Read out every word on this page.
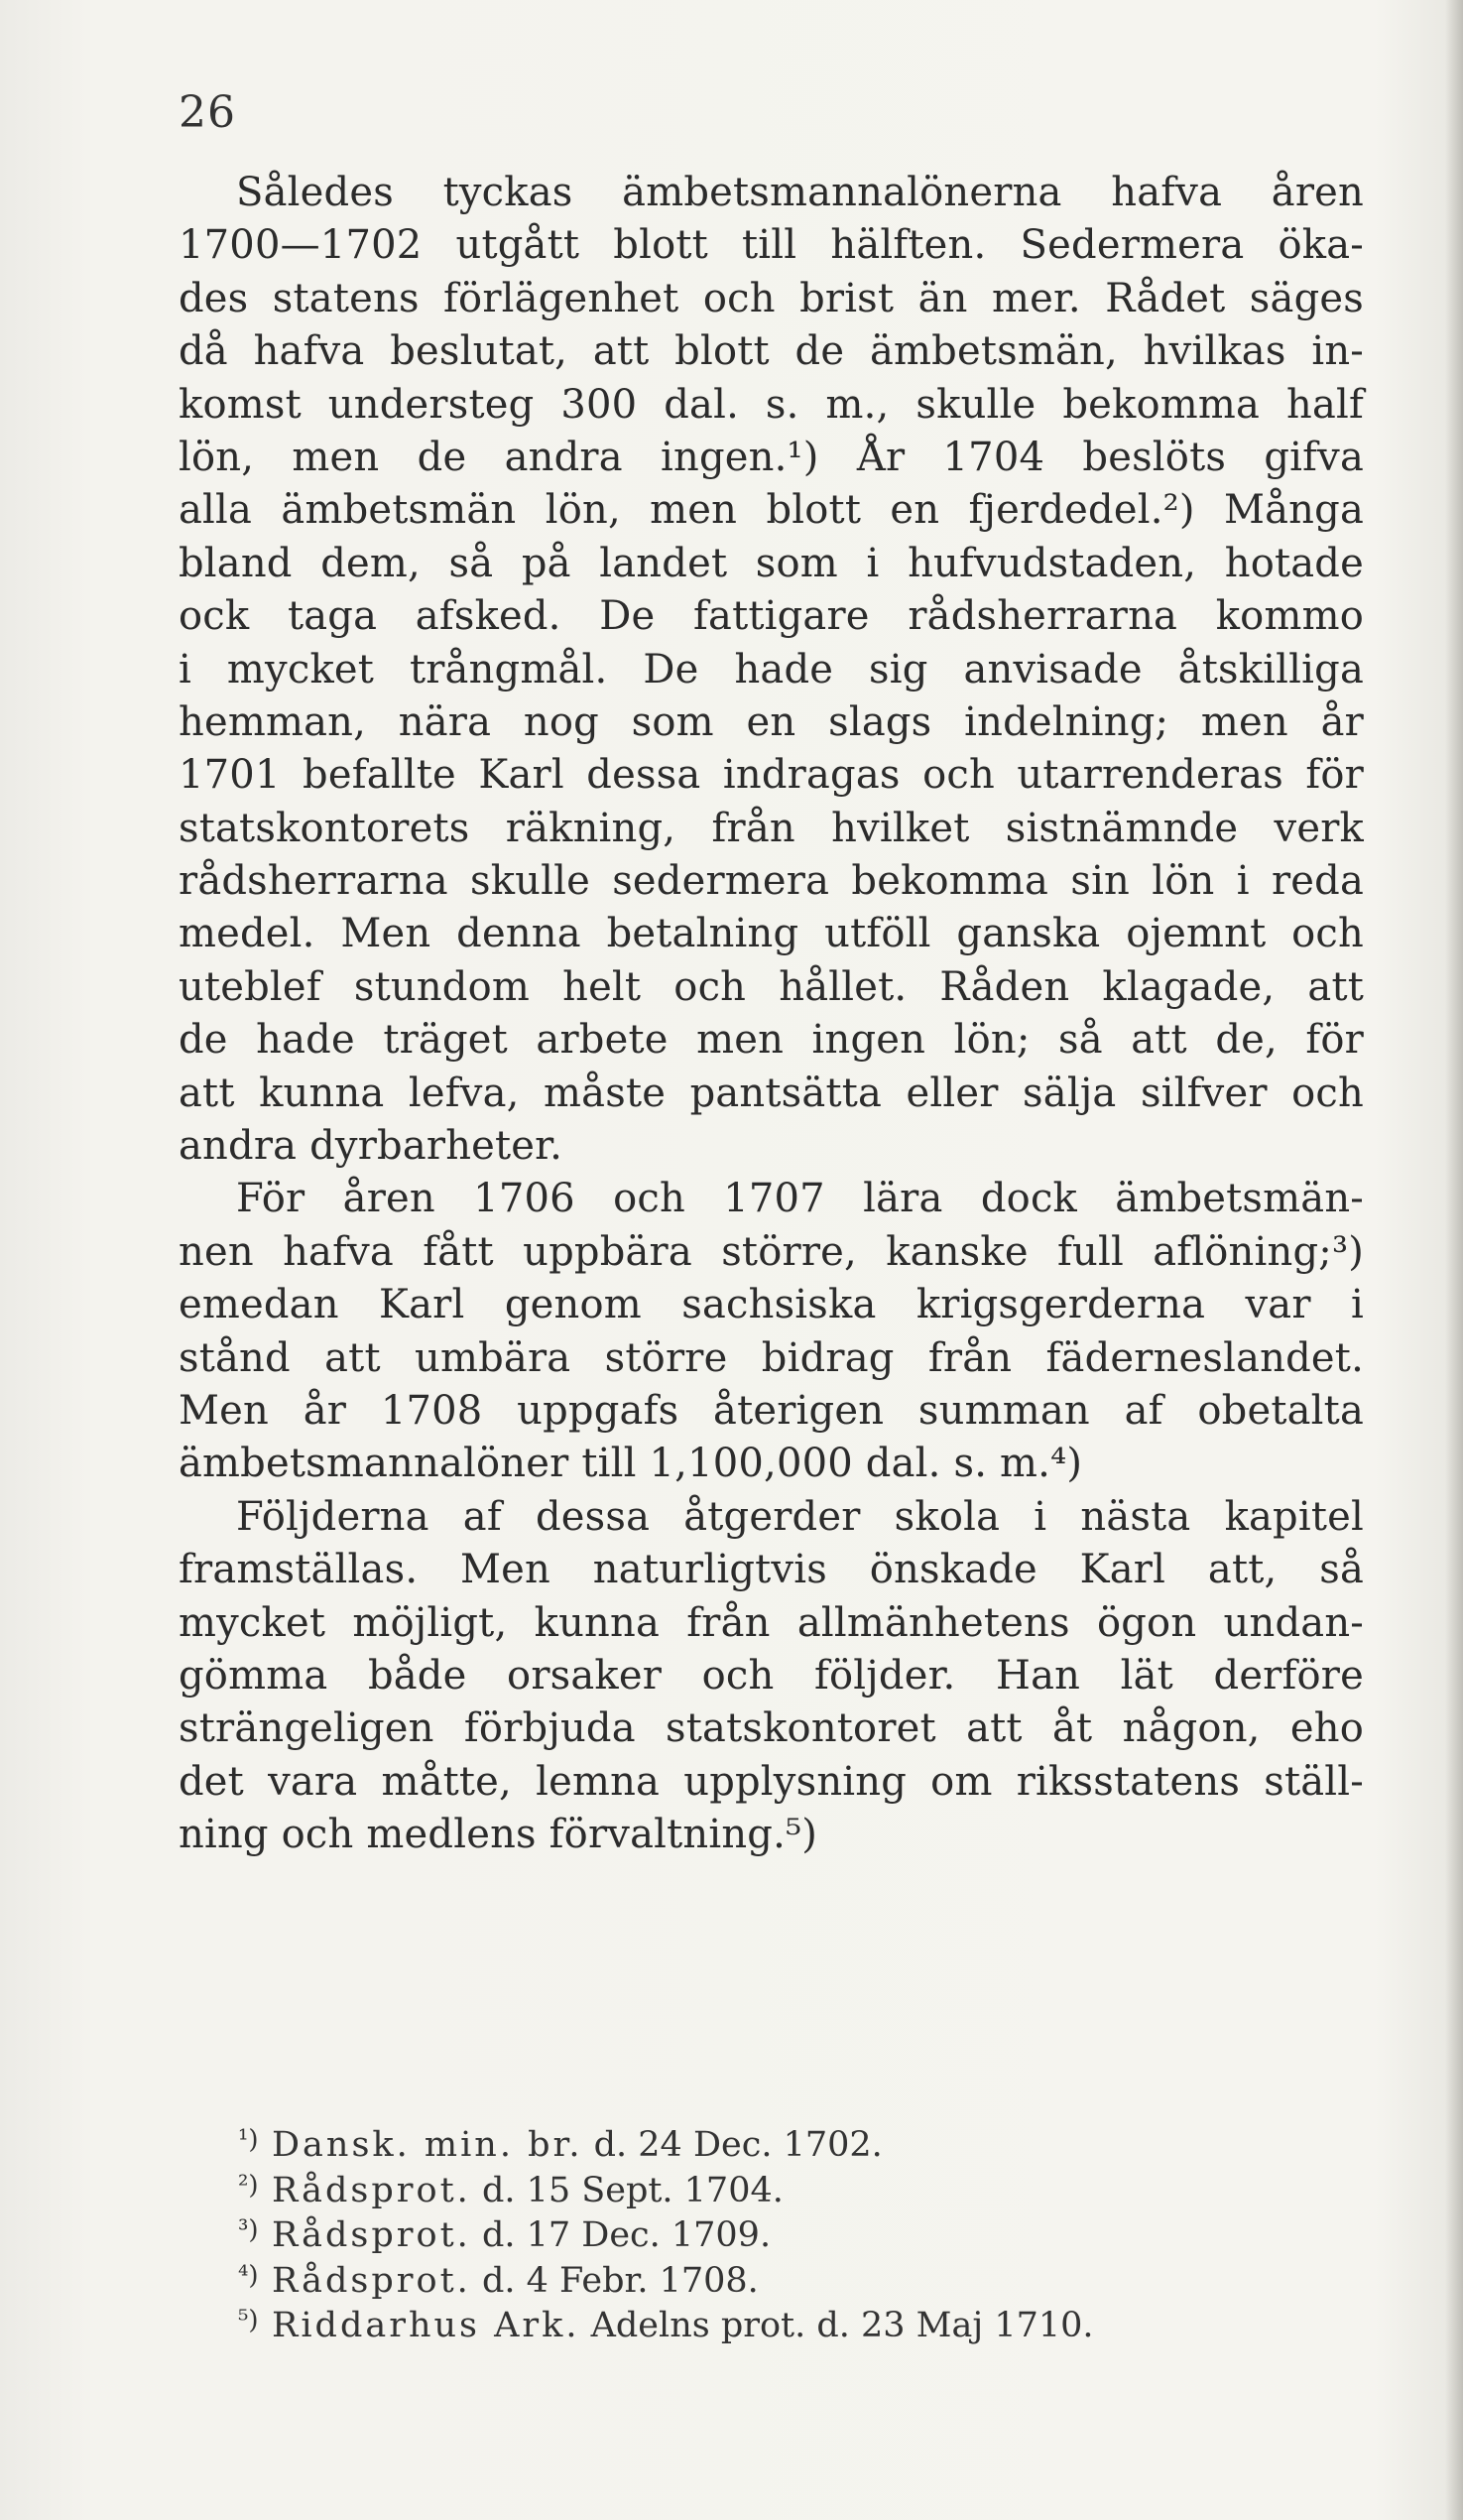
26
Således tyckas ämbetsmannalönerna hafva åren
1700—1702 utgått blott till hälften. Sedermera öka-
des statens förlägenhet och brist än mer. Rådet säges
då hafva beslutat, att blott de ämbetsmän, hvilkas in-
komst understeg 300 dal. s. m., skulle bekomma half
lön, men de andra ingen.¹) År 1704 beslöts gifva
alla ämbetsmän lön, men blott en fjerdedel.²) Många
bland dem, så på landet som i hufvudstaden, hotade
ock taga afsked. De fattigare rådsherrarna kommo
i mycket trångmål. De hade sig anvisade åtskilliga
hemman, nära nog som en slags indelning; men år
1701 befallte Karl dessa indragas och utarrenderas för
statskontorets räkning, från hvilket sistnämnde verk
rådsherrarna skulle sedermera bekomma sin lön i reda
medel. Men denna betalning utföll ganska ojemnt och
uteblef stundom helt och hållet. Råden klagade, att
de hade träget arbete men ingen lön; så att de, för
att kunna lefva, måste pantsätta eller sälja silfver och
andra dyrbarheter.
För åren 1706 och 1707 lära dock ämbetsmän-
nen hafva fått uppbära större, kanske full aflöning;³)
emedan Karl genom sachsiska krigsgerderna var i
stånd att umbära större bidrag från fäderneslandet.
Men år 1708 uppgafs återigen summan af obetalta
ämbetsmannalöner till 1,100,000 dal. s. m.⁴)
Följderna af dessa åtgerder skola i nästa kapitel
framställas. Men naturligtvis önskade Karl att, så
mycket möjligt, kunna från allmänhetens ögon undan-
gömma både orsaker och följder. Han lät derföre
strängeligen förbjuda statskontoret att åt någon, eho
det vara måtte, lemna upplysning om riksstatens ställ-
ning och medlens förvaltning.⁵)
¹) Dansk. min. br. d. 24 Dec. 1702.
²) Rådsprot. d. 15 Sept. 1704.
³) Rådsprot. d. 17 Dec. 1709.
⁴) Rådsprot. d. 4 Febr. 1708.
⁵) Riddarhus Ark. Adelns prot. d. 23 Maj 1710.
